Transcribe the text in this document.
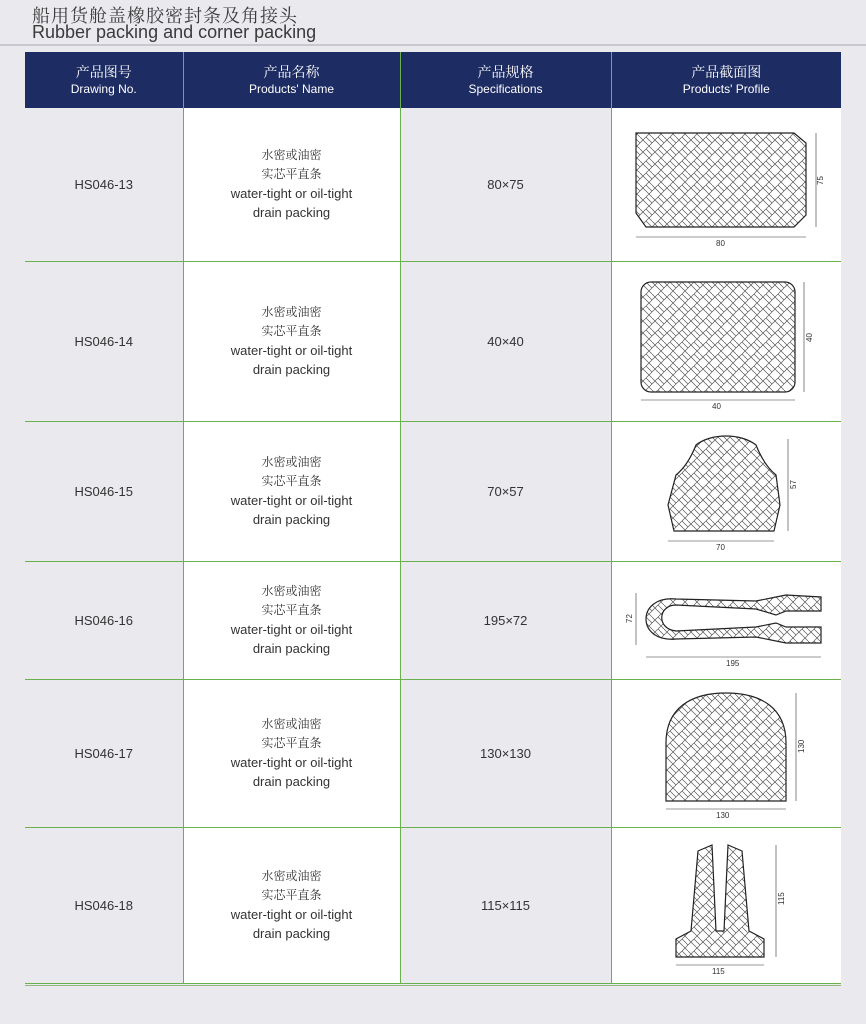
船用货舱盖橡胶密封条及角接头
Rubber packing and corner packing
产品图号
Drawing No.	产品名称
Products' Name	产品规格
Specifications	产品截面图
Products' Profile

HS046-13	水密或油密
实芯平直条
water-tight or oil-tight
drain packing	80×75	80
75

HS046-14	水密或油密
实芯平直条
water-tight or oil-tight
drain packing	40×40	40
40

HS046-15	水密或油密
实芯平直条
water-tight or oil-tight
drain packing	70×57	70
57

HS046-16	水密或油密
实芯平直条
water-tight or oil-tight
drain packing	195×72	195
72

HS046-17	水密或油密
实芯平直条
water-tight or oil-tight
drain packing	130×130	130
130

HS046-18	水密或油密
实芯平直条
water-tight or oil-tight
drain packing	115×115	115
115
